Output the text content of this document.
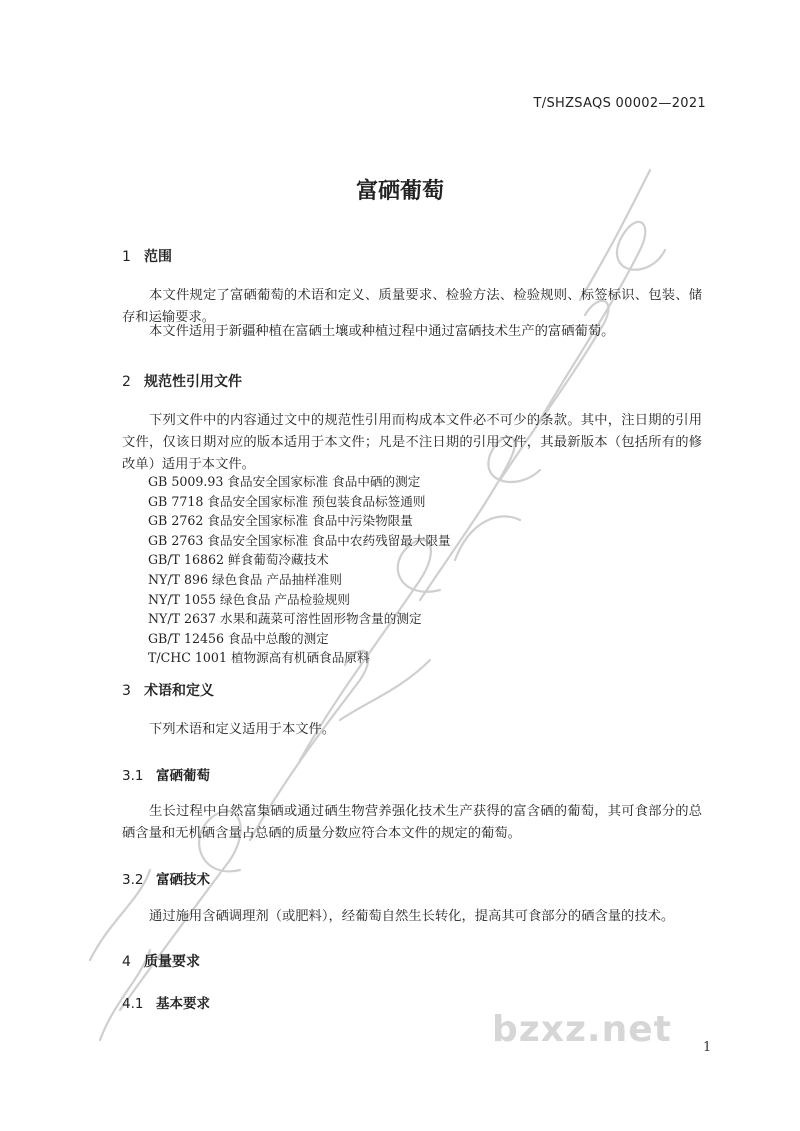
T/SHZSAQS 00002—2021
富硒葡萄
1 范围
本文件规定了富硒葡萄的术语和定义、质量要求、检验方法、检验规则、标签标识、包装、储存和运输要求。
本文件适用于新疆种植在富硒土壤或种植过程中通过富硒技术生产的富硒葡萄。
2 规范性引用文件
下列文件中的内容通过文中的规范性引用而构成本文件必不可少的条款。其中，注日期的引用文件，仅该日期对应的版本适用于本文件；凡是不注日期的引用文件，其最新版本（包括所有的修改单）适用于本文件。
GB 5009.93 食品安全国家标准 食品中硒的测定
GB 7718 食品安全国家标准 预包装食品标签通则
GB 2762 食品安全国家标准 食品中污染物限量
GB 2763 食品安全国家标准 食品中农药残留最大限量
GB/T 16862 鲜食葡萄冷藏技术
NY/T 896 绿色食品 产品抽样准则
NY/T 1055 绿色食品 产品检验规则
NY/T 2637 水果和蔬菜可溶性固形物含量的测定
GB/T 12456 食品中总酸的测定
T/CHC 1001 植物源高有机硒食品原料
3 术语和定义
下列术语和定义适用于本文件。
3.1 富硒葡萄
生长过程中自然富集硒或通过硒生物营养强化技术生产获得的富含硒的葡萄，其可食部分的总硒含量和无机硒含量占总硒的质量分数应符合本文件的规定的葡萄。
3.2 富硒技术
通过施用含硒调理剂（或肥料），经葡萄自然生长转化，提高其可食部分的硒含量的技术。
4 质量要求
4.1 基本要求
bzxz.net 1
